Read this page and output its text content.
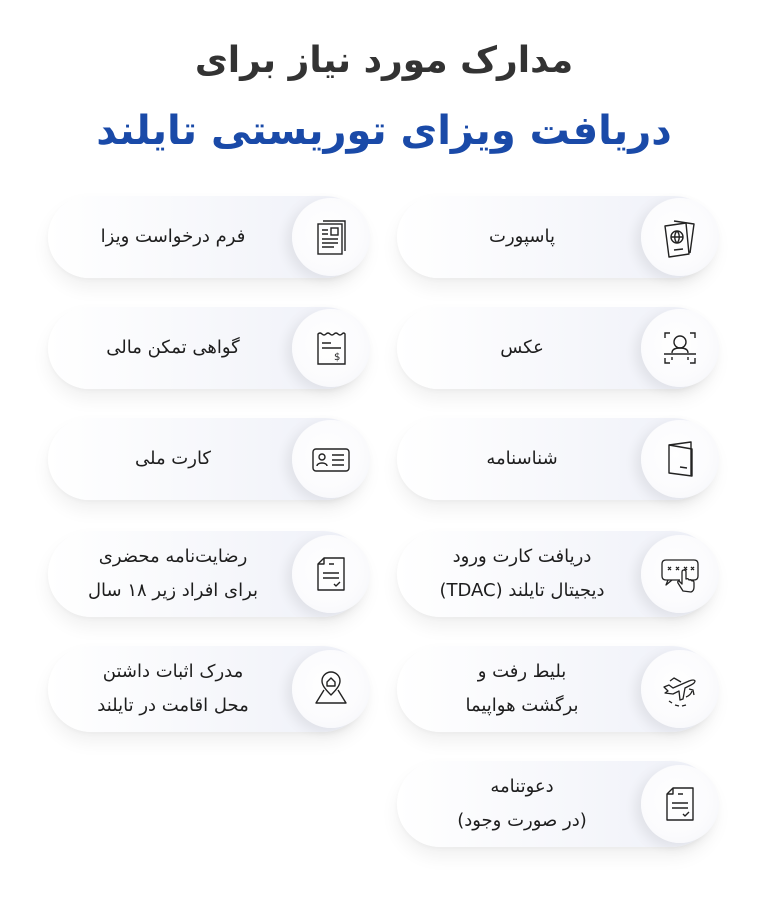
مدارک مورد نیاز برای
دریافت ویزای توریستی تایلند
پاسپورت
فرم درخواست ویزا
عکس
گواهی تمکن مالی	$
شناسنامه
کارت ملی
دریافت کارت ورود
دیجیتال تایلند (TDAC)
رضایت‌نامه محضری
برای افراد زیر ۱۸ سال
بلیط رفت و
برگشت هواپیما
مدرک اثبات داشتن
محل اقامت در تایلند
دعوتنامه
(در صورت وجود)
